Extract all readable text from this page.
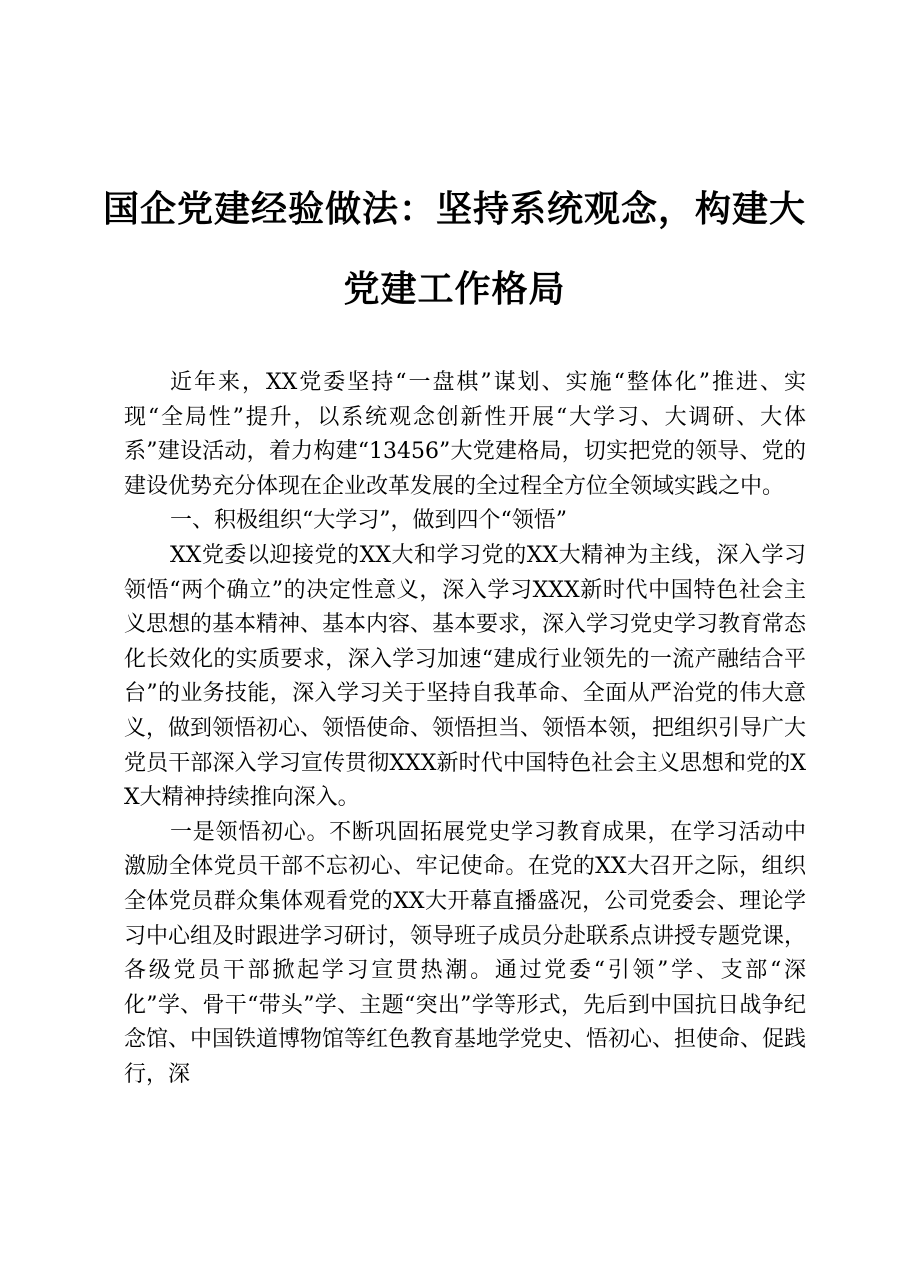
国企党建经验做法：坚持系统观念，构建大党建工作格局

近年来，XX党委坚持“一盘棋”谋划、实施“整体化”推进、实现“全局性”提升，以系统观念创新性开展“大学习、大调研、大体系”建设活动，着力构建“13456”大党建格局，切实把党的领导、党的建设优势充分体现在企业改革发展的全过程全方位全领域实践之中。

一、积极组织“大学习”，做到四个“领悟”

XX党委以迎接党的XX大和学习党的XX大精神为主线，深入学习领悟“两个确立”的决定性意义，深入学习XXX新时代中国特色社会主义思想的基本精神、基本内容、基本要求，深入学习党史学习教育常态化长效化的实质要求，深入学习加速“建成行业领先的一流产融结合平台”的业务技能，深入学习关于坚持自我革命、全面从严治党的伟大意义，做到领悟初心、领悟使命、领悟担当、领悟本领，把组织引导广大党员干部深入学习宣传贯彻XXX新时代中国特色社会主义思想和党的XX大精神持续推向深入。

一是领悟初心。不断巩固拓展党史学习教育成果，在学习活动中激励全体党员干部不忘初心、牢记使命。在党的XX大召开之际，组织全体党员群众集体观看党的XX大开幕直播盛况，公司党委会、理论学习中心组及时跟进学习研讨，领导班子成员分赴联系点讲授专题党课，各级党员干部掀起学习宣贯热潮。通过党委“引领”学、支部“深化”学、骨干“带头”学、主题“突出”学等形式，先后到中国抗日战争纪念馆、中国铁道博物馆等红色教育基地学党史、悟初心、担使命、促践行，深
